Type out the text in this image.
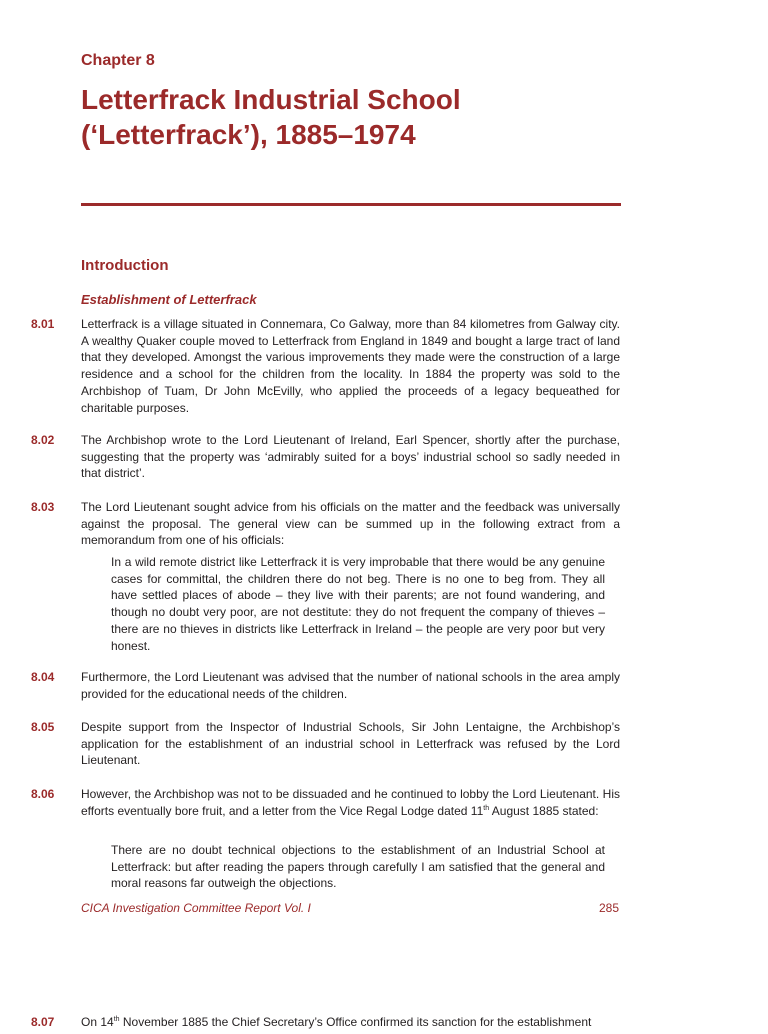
Chapter 8
Letterfrack Industrial School (‘Letterfrack’), 1885–1974
Introduction
Establishment of Letterfrack
8.01 Letterfrack is a village situated in Connemara, Co Galway, more than 84 kilometres from Galway city. A wealthy Quaker couple moved to Letterfrack from England in 1849 and bought a large tract of land that they developed. Amongst the various improvements they made were the construction of a large residence and a school for the children from the locality. In 1884 the property was sold to the Archbishop of Tuam, Dr John McEvilly, who applied the proceeds of a legacy bequeathed for charitable purposes.

8.02 The Archbishop wrote to the Lord Lieutenant of Ireland, Earl Spencer, shortly after the purchase, suggesting that the property was ‘admirably suited for a boys’ industrial school so sadly needed in that district’.

8.03 The Lord Lieutenant sought advice from his officials on the matter and the feedback was universally against the proposal. The general view can be summed up in the following extract from a memorandum from one of his officials:

In a wild remote district like Letterfrack it is very improbable that there would be any genuine cases for committal, the children there do not beg. There is no one to beg from. They all have settled places of abode – they live with their parents; are not found wandering, and though no doubt very poor, are not destitute: they do not frequent the company of thieves – there are no thieves in districts like Letterfrack in Ireland – the people are very poor but very honest.

8.04 Furthermore, the Lord Lieutenant was advised that the number of national schools in the area amply provided for the educational needs of the children.

8.05 Despite support from the Inspector of Industrial Schools, Sir John Lentaigne, the Archbishop’s application for the establishment of an industrial school in Letterfrack was refused by the Lord Lieutenant.

8.06 However, the Archbishop was not to be dissuaded and he continued to lobby the Lord Lieutenant. His efforts eventually bore fruit, and a letter from the Vice Regal Lodge dated 11th August 1885 stated:

There are no doubt technical objections to the establishment of an Industrial School at Letterfrack: but after reading the papers through carefully I am satisfied that the general and moral reasons far outweigh the objections.

CICA Investigation Committee Report Vol. I	285
8.07 On 14th November 1885 the Chief Secretary’s Office confirmed its sanction for the establishment
